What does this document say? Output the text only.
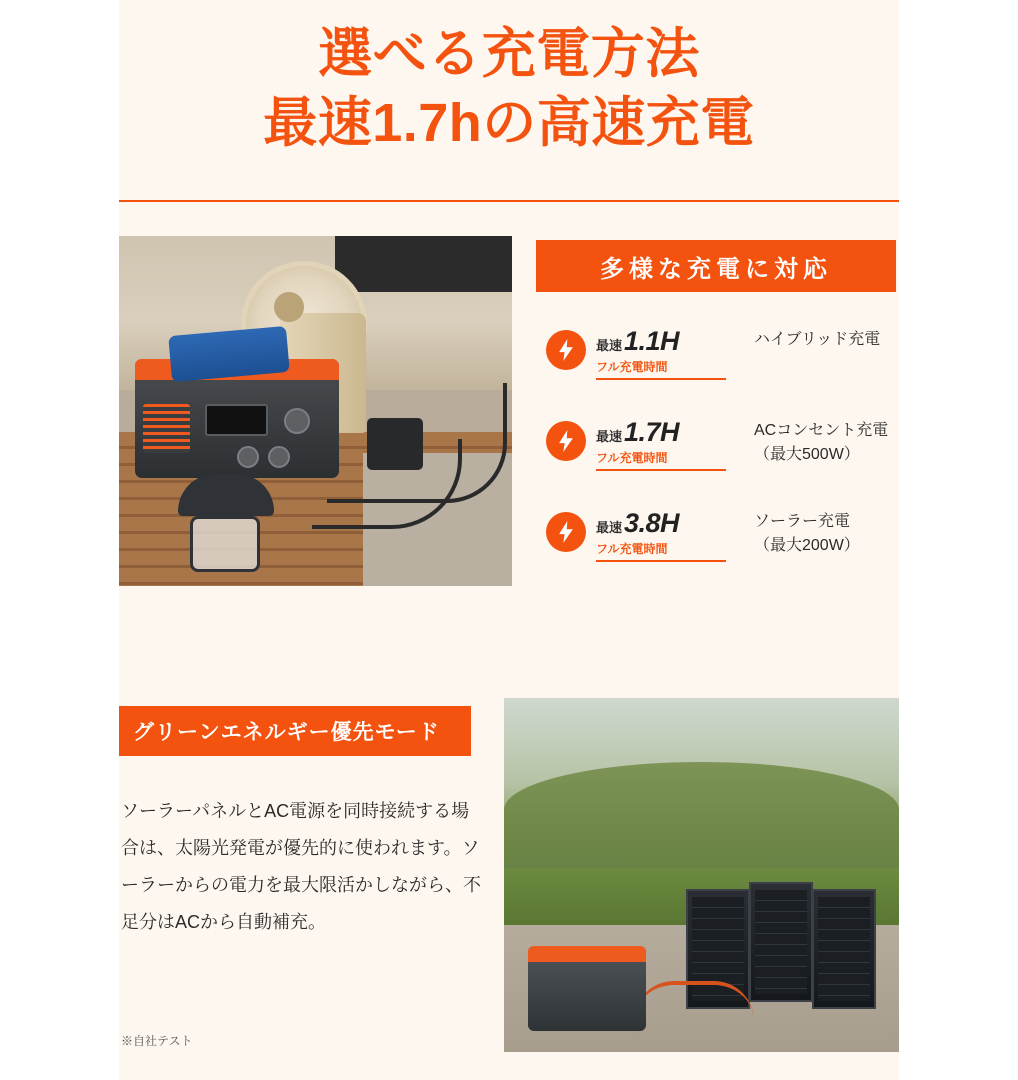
選べる充電方法
最速1.7hの高速充電
多様な充電に対応
最速 1.1H
フル充電時間
ハイブリッド充電
最速 1.7H
フル充電時間
ACコンセント充電
（最大500W）
最速 3.8H
フル充電時間
ソーラー充電
（最大200W）
グリーンエネルギー優先モード
ソーラーパネルとAC電源を同時接続する場合は、太陽光発電が優先的に使われます。ソーラーからの電力を最大限活かしながら、不足分はACから自動補充。
※自社テスト
